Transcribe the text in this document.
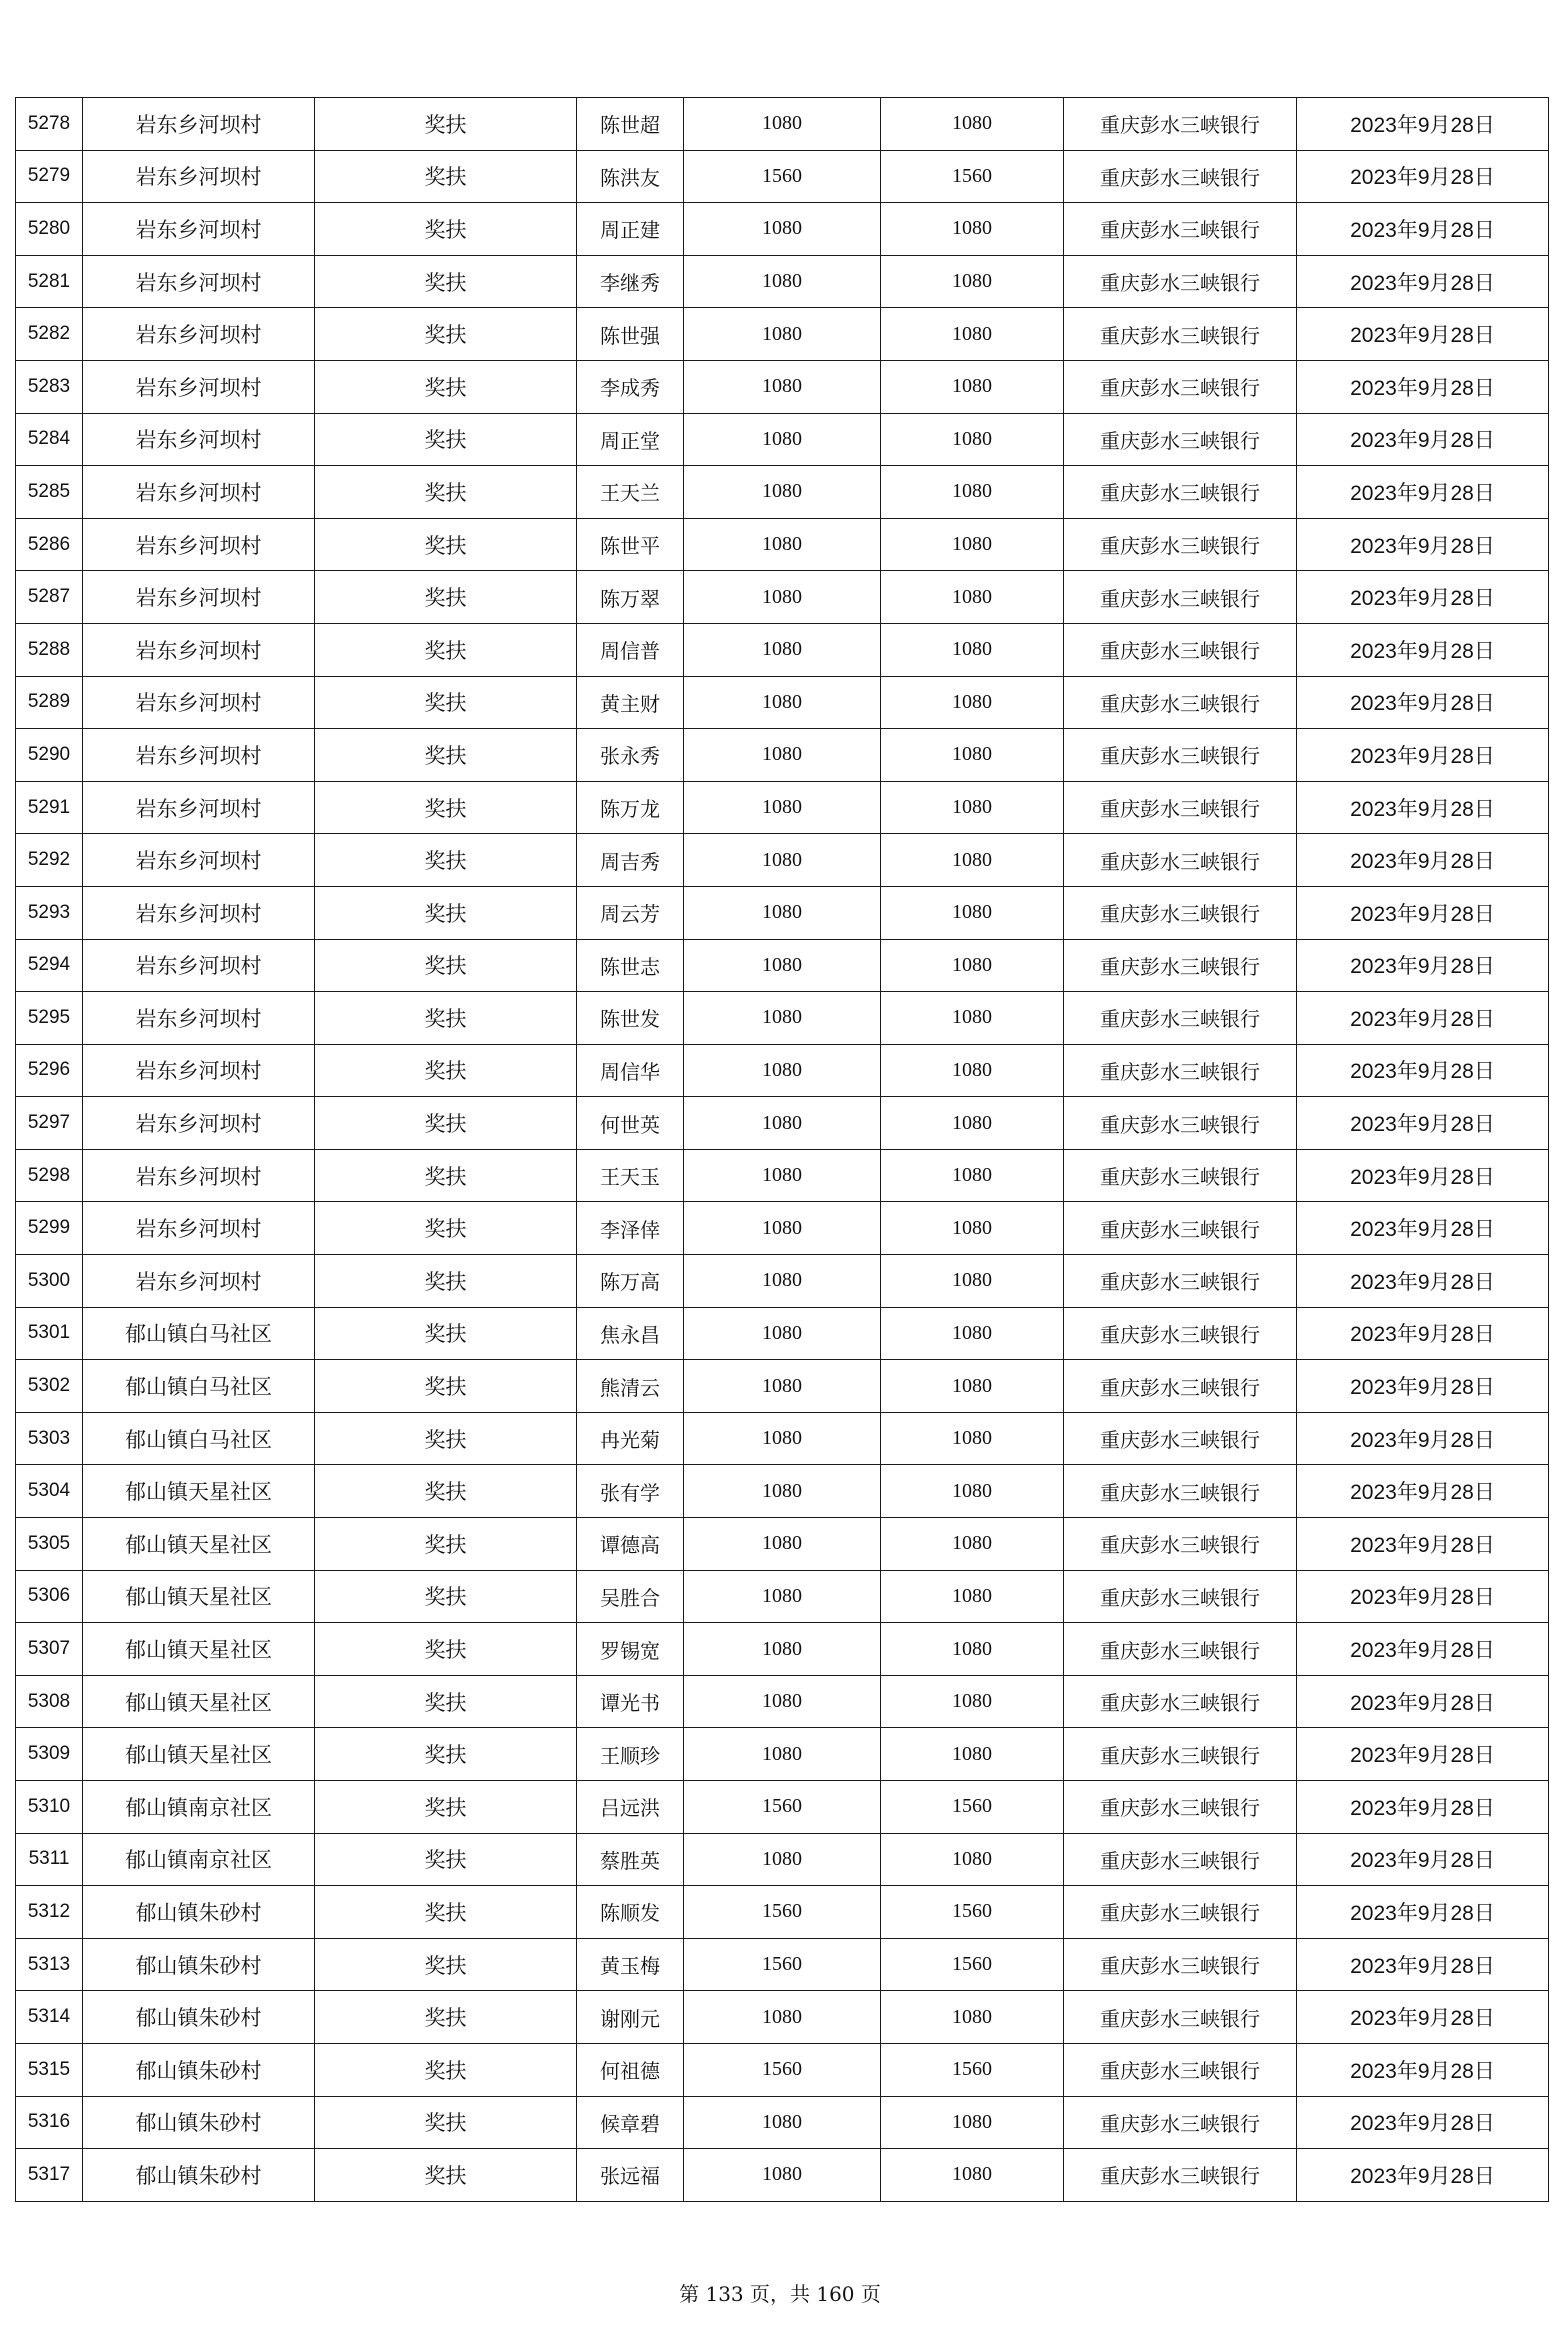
5278	岩东乡河坝村	奖扶	陈世超	1080	1080	重庆彭水三峡银行	2023年9月28日
5279	岩东乡河坝村	奖扶	陈洪友	1560	1560	重庆彭水三峡银行	2023年9月28日
5280	岩东乡河坝村	奖扶	周正建	1080	1080	重庆彭水三峡银行	2023年9月28日
5281	岩东乡河坝村	奖扶	李继秀	1080	1080	重庆彭水三峡银行	2023年9月28日
5282	岩东乡河坝村	奖扶	陈世强	1080	1080	重庆彭水三峡银行	2023年9月28日
5283	岩东乡河坝村	奖扶	李成秀	1080	1080	重庆彭水三峡银行	2023年9月28日
5284	岩东乡河坝村	奖扶	周正堂	1080	1080	重庆彭水三峡银行	2023年9月28日
5285	岩东乡河坝村	奖扶	王天兰	1080	1080	重庆彭水三峡银行	2023年9月28日
5286	岩东乡河坝村	奖扶	陈世平	1080	1080	重庆彭水三峡银行	2023年9月28日
5287	岩东乡河坝村	奖扶	陈万翠	1080	1080	重庆彭水三峡银行	2023年9月28日
5288	岩东乡河坝村	奖扶	周信普	1080	1080	重庆彭水三峡银行	2023年9月28日
5289	岩东乡河坝村	奖扶	黄主财	1080	1080	重庆彭水三峡银行	2023年9月28日
5290	岩东乡河坝村	奖扶	张永秀	1080	1080	重庆彭水三峡银行	2023年9月28日
5291	岩东乡河坝村	奖扶	陈万龙	1080	1080	重庆彭水三峡银行	2023年9月28日
5292	岩东乡河坝村	奖扶	周吉秀	1080	1080	重庆彭水三峡银行	2023年9月28日
5293	岩东乡河坝村	奖扶	周云芳	1080	1080	重庆彭水三峡银行	2023年9月28日
5294	岩东乡河坝村	奖扶	陈世志	1080	1080	重庆彭水三峡银行	2023年9月28日
5295	岩东乡河坝村	奖扶	陈世发	1080	1080	重庆彭水三峡银行	2023年9月28日
5296	岩东乡河坝村	奖扶	周信华	1080	1080	重庆彭水三峡银行	2023年9月28日
5297	岩东乡河坝村	奖扶	何世英	1080	1080	重庆彭水三峡银行	2023年9月28日
5298	岩东乡河坝村	奖扶	王天玉	1080	1080	重庆彭水三峡银行	2023年9月28日
5299	岩东乡河坝村	奖扶	李泽倖	1080	1080	重庆彭水三峡银行	2023年9月28日
5300	岩东乡河坝村	奖扶	陈万高	1080	1080	重庆彭水三峡银行	2023年9月28日
5301	郁山镇白马社区	奖扶	焦永昌	1080	1080	重庆彭水三峡银行	2023年9月28日
5302	郁山镇白马社区	奖扶	熊清云	1080	1080	重庆彭水三峡银行	2023年9月28日
5303	郁山镇白马社区	奖扶	冉光菊	1080	1080	重庆彭水三峡银行	2023年9月28日
5304	郁山镇天星社区	奖扶	张有学	1080	1080	重庆彭水三峡银行	2023年9月28日
5305	郁山镇天星社区	奖扶	谭德高	1080	1080	重庆彭水三峡银行	2023年9月28日
5306	郁山镇天星社区	奖扶	吴胜合	1080	1080	重庆彭水三峡银行	2023年9月28日
5307	郁山镇天星社区	奖扶	罗锡宽	1080	1080	重庆彭水三峡银行	2023年9月28日
5308	郁山镇天星社区	奖扶	谭光书	1080	1080	重庆彭水三峡银行	2023年9月28日
5309	郁山镇天星社区	奖扶	王顺珍	1080	1080	重庆彭水三峡银行	2023年9月28日
5310	郁山镇南京社区	奖扶	吕远洪	1560	1560	重庆彭水三峡银行	2023年9月28日
5311	郁山镇南京社区	奖扶	蔡胜英	1080	1080	重庆彭水三峡银行	2023年9月28日
5312	郁山镇朱砂村	奖扶	陈顺发	1560	1560	重庆彭水三峡银行	2023年9月28日
5313	郁山镇朱砂村	奖扶	黄玉梅	1560	1560	重庆彭水三峡银行	2023年9月28日
5314	郁山镇朱砂村	奖扶	谢刚元	1080	1080	重庆彭水三峡银行	2023年9月28日
5315	郁山镇朱砂村	奖扶	何祖德	1560	1560	重庆彭水三峡银行	2023年9月28日
5316	郁山镇朱砂村	奖扶	候章碧	1080	1080	重庆彭水三峡银行	2023年9月28日
5317	郁山镇朱砂村	奖扶	张远福	1080	1080	重庆彭水三峡银行	2023年9月28日
第 133 页，共 160 页
